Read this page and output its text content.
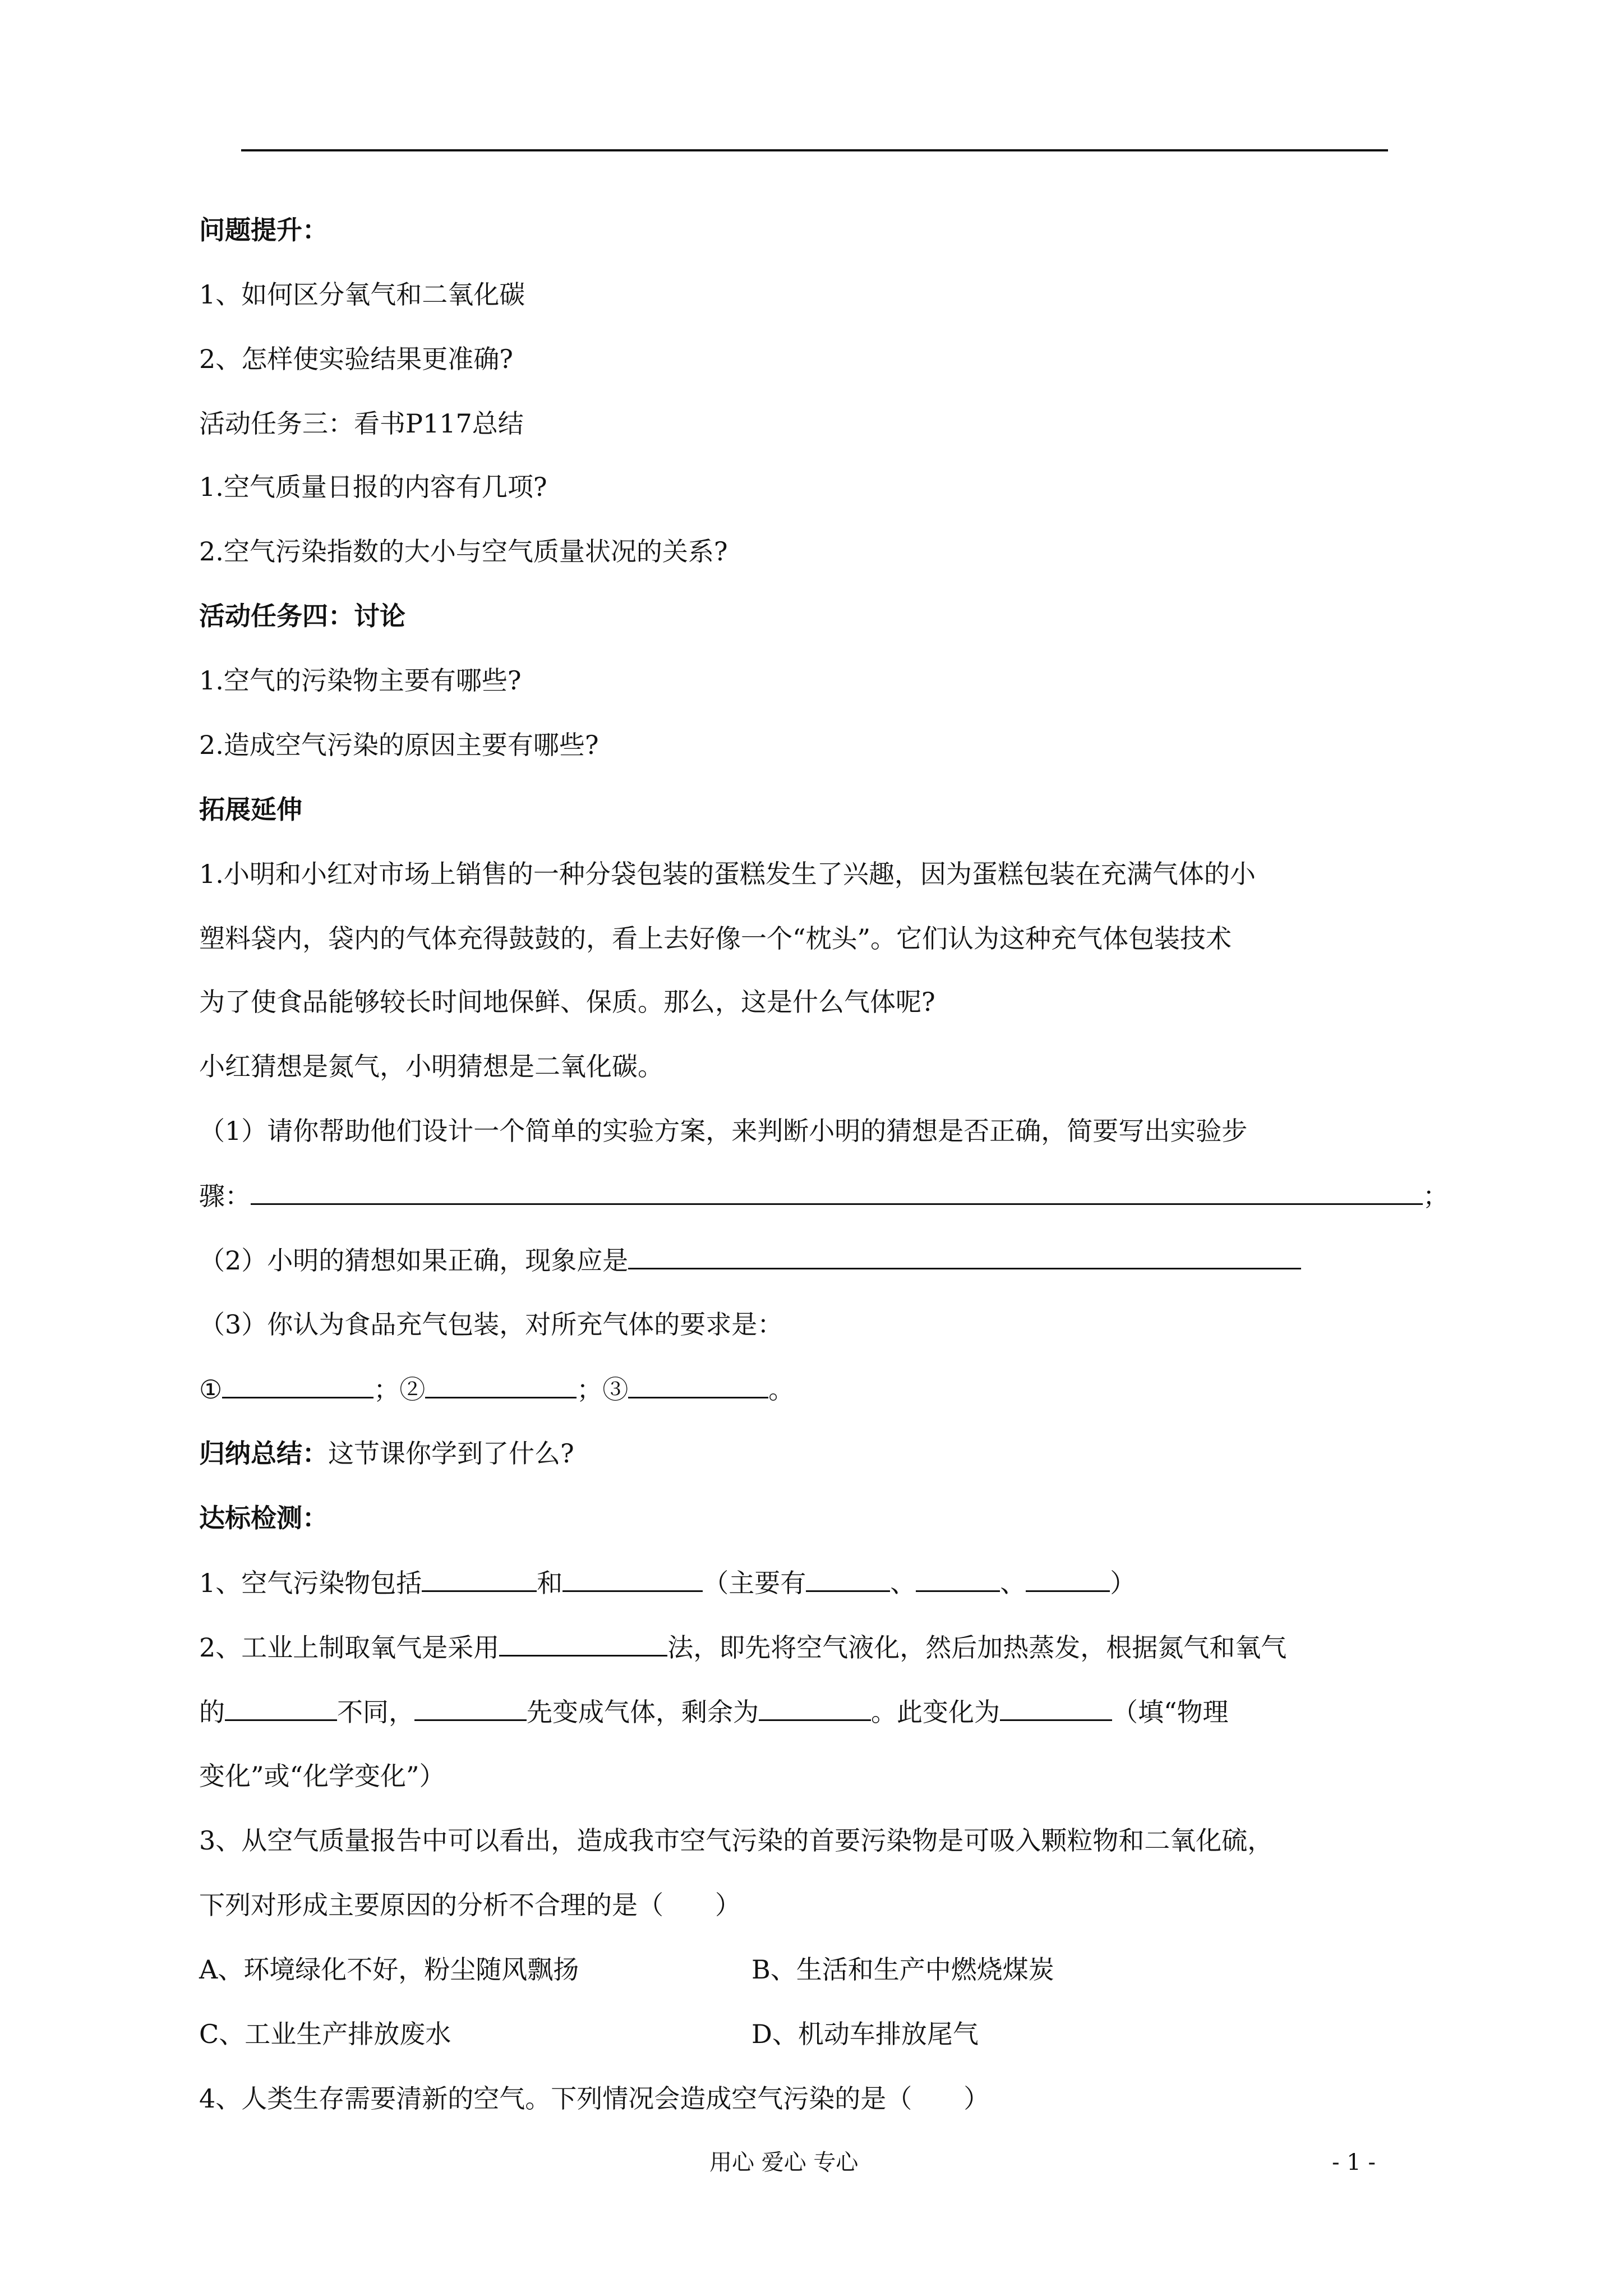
问题提升：
1、如何区分氧气和二氧化碳
2、怎样使实验结果更准确?
活动任务三：看书P117总结
1.空气质量日报的内容有几项?
2.空气污染指数的大小与空气质量状况的关系?
活动任务四：讨论
1.空气的污染物主要有哪些?
2.造成空气污染的原因主要有哪些?
拓展延伸
1.小明和小红对市场上销售的一种分袋包装的蛋糕发生了兴趣，因为蛋糕包装在充满气体的小
塑料袋内，袋内的气体充得鼓鼓的，看上去好像一个“枕头”。它们认为这种充气体包装技术
为了使食品能够较长时间地保鲜、保质。那么，这是什么气体呢?
小红猜想是氮气，小明猜想是二氧化碳。
（1）请你帮助他们设计一个简单的实验方案，来判断小明的猜想是否正确，简要写出实验步
骤：	；
（2）小明的猜想如果正确，现象应是
（3）你认为食品充气包装，对所充气体的要求是：
①	；②	；③	。
归纳总结：这节课你学到了什么?
达标检测：
1、空气污染物包括	和	（主要有	、	、	）
2、工业上制取氧气是采用	法，即先将空气液化，然后加热蒸发，根据氮气和氧气
的	不同，	先变成气体，剩余为	。此变化为	（填“物理
变化”或“化学变化”）
3、从空气质量报告中可以看出，造成我市空气污染的首要污染物是可吸入颗粒物和二氧化硫，
下列对形成主要原因的分析不合理的是（　　）
A、环境绿化不好，粉尘随风飘扬	B、生活和生产中燃烧煤炭
C、工业生产排放废水	D、机动车排放尾气
4、人类生存需要清新的空气。下列情况会造成空气污染的是（　　）
用心 爱心 专心	- 1 -
